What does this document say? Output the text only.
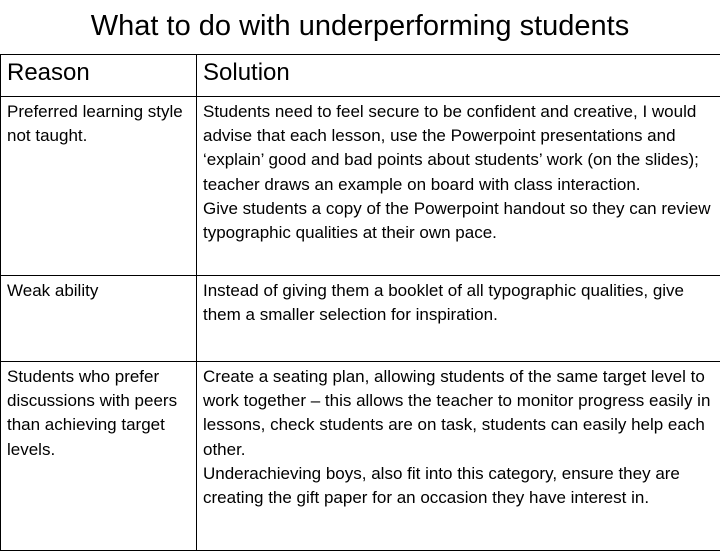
What to do with underperforming students
Reason	Solution
Preferred learning style not taught.	Students need to feel secure to be confident and creative, I would advise that each lesson, use the Powerpoint presentations and ‘explain’ good and bad points about students’ work (on the slides); teacher draws an example on board with class interaction.

Give students a copy of the Powerpoint handout so they can review typographic qualities at their own pace.

Weak ability	Instead of giving them a booklet of all typographic qualities, give them a smaller selection for inspiration.

Students who prefer discussions with peers than achieving target levels.	Create a seating plan, allowing students of the same target level to work together – this allows the teacher to monitor progress easily in lessons, check students are on task, students can easily help each other.

Underachieving boys, also fit into this category, ensure they are creating the gift paper for an occasion they have interest in.
